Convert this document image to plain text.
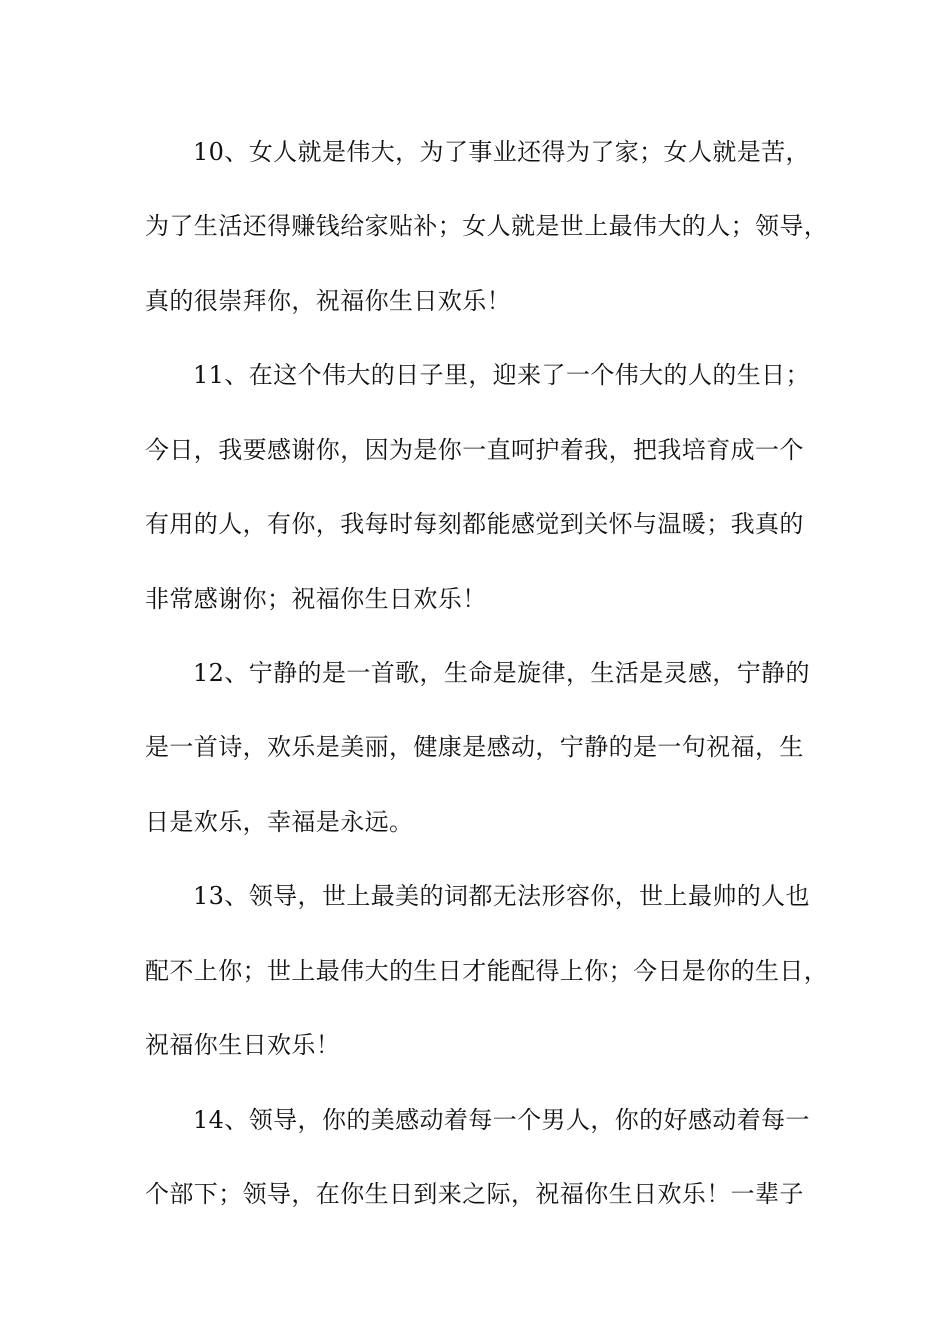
10、女人就是伟大，为了事业还得为了家；女人就是苦，
为了生活还得赚钱给家贴补；女人就是世上最伟大的人；领导，
真的很崇拜你，祝福你生日欢乐！
11、在这个伟大的日子里，迎来了一个伟大的人的生日；
今日，我要感谢你，因为是你一直呵护着我，把我培育成一个
有用的人，有你，我每时每刻都能感觉到关怀与温暖；我真的
非常感谢你；祝福你生日欢乐！
12、宁静的是一首歌，生命是旋律，生活是灵感，宁静的
是一首诗，欢乐是美丽，健康是感动，宁静的是一句祝福，生
日是欢乐，幸福是永远。
13、领导，世上最美的词都无法形容你，世上最帅的人也
配不上你；世上最伟大的生日才能配得上你；今日是你的生日，
祝福你生日欢乐！
14、领导，你的美感动着每一个男人，你的好感动着每一
个部下；领导，在你生日到来之际，祝福你生日欢乐！一辈子
